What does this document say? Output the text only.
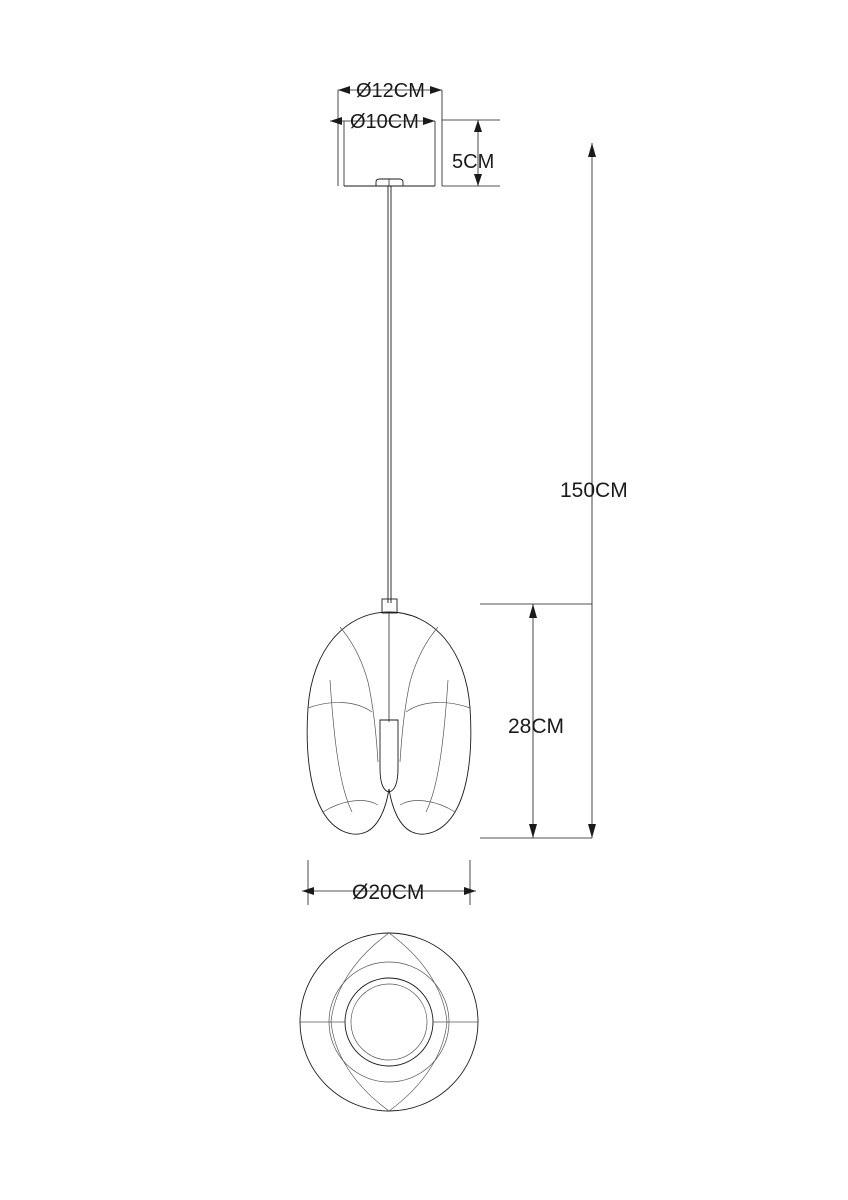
Ø12CM
Ø10CM
5CM
150CM
28CM
Ø20CM
